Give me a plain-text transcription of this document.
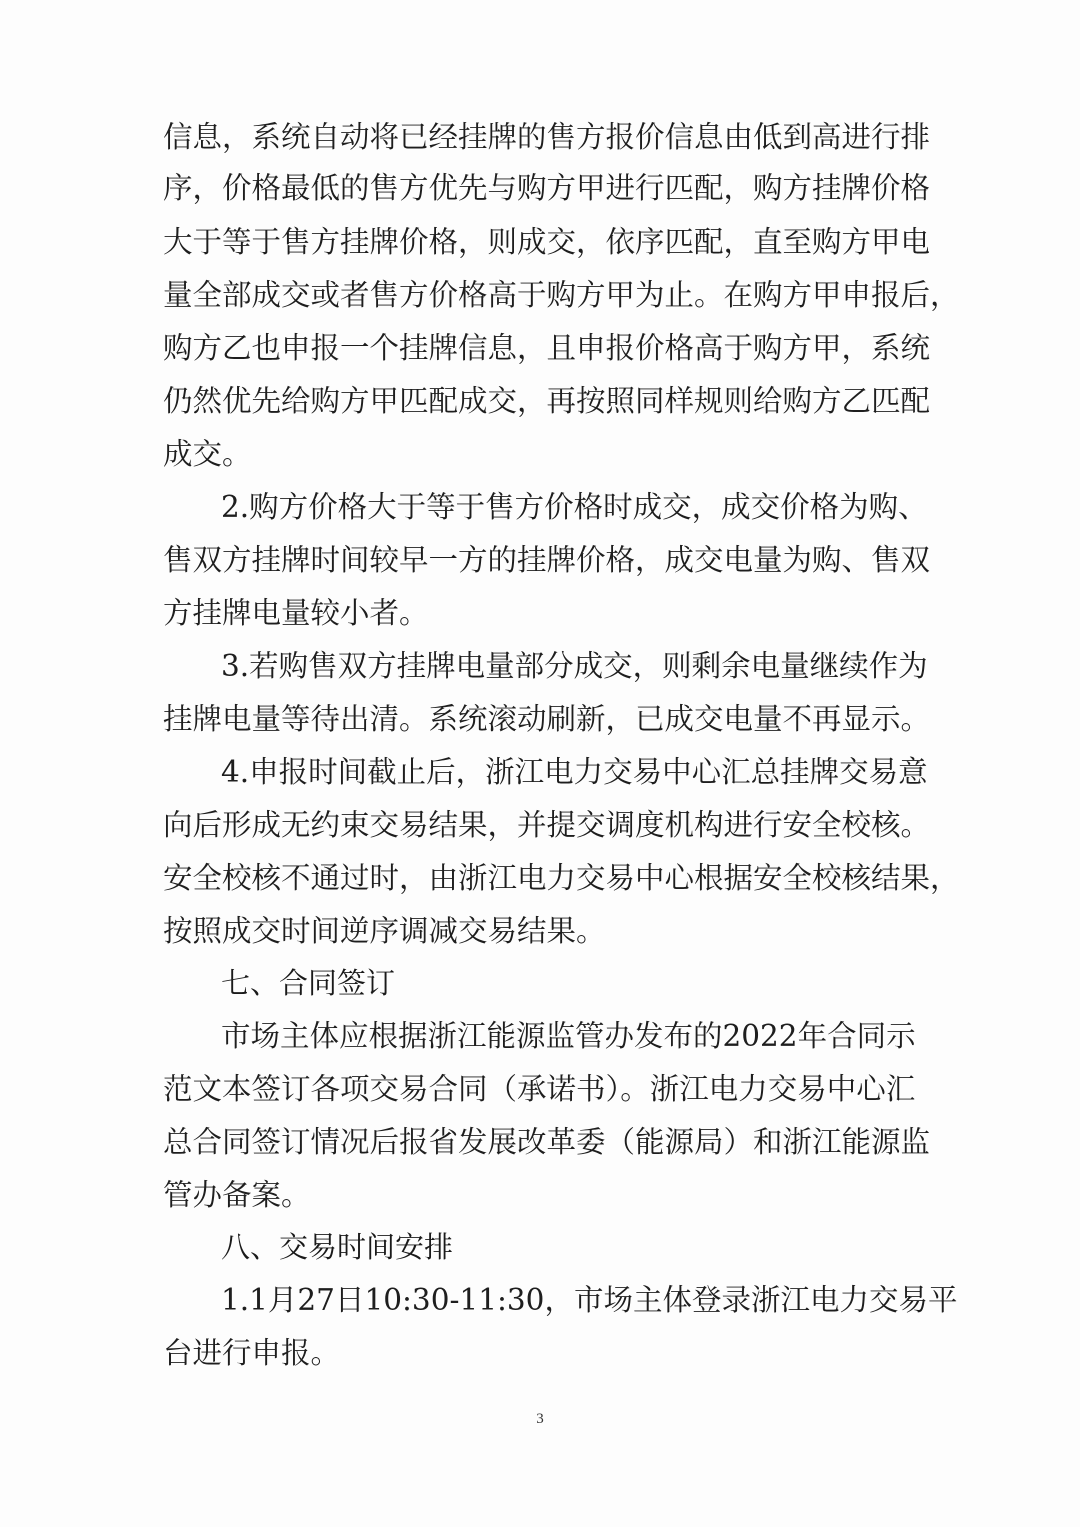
信息，系统自动将已经挂牌的售方报价信息由低到高进行排
序，价格最低的售方优先与购方甲进行匹配，购方挂牌价格
大于等于售方挂牌价格，则成交，依序匹配，直至购方甲电
量全部成交或者售方价格高于购方甲为止。在购方甲申报后，
购方乙也申报一个挂牌信息，且申报价格高于购方甲，系统
仍然优先给购方甲匹配成交，再按照同样规则给购方乙匹配
成交。
2.购方价格大于等于售方价格时成交，成交价格为购、
售双方挂牌时间较早一方的挂牌价格，成交电量为购、售双
方挂牌电量较小者。
3.若购售双方挂牌电量部分成交，则剩余电量继续作为
挂牌电量等待出清。系统滚动刷新，已成交电量不再显示。
4.申报时间截止后，浙江电力交易中心汇总挂牌交易意
向后形成无约束交易结果，并提交调度机构进行安全校核。
安全校核不通过时，由浙江电力交易中心根据安全校核结果，
按照成交时间逆序调减交易结果。
七、合同签订
市场主体应根据浙江能源监管办发布的2022年合同示
范文本签订各项交易合同（承诺书）。浙江电力交易中心汇
总合同签订情况后报省发展改革委（能源局）和浙江能源监
管办备案。
八、交易时间安排
1.1月27日10:30-11:30，市场主体登录浙江电力交易平
台进行申报。
3
